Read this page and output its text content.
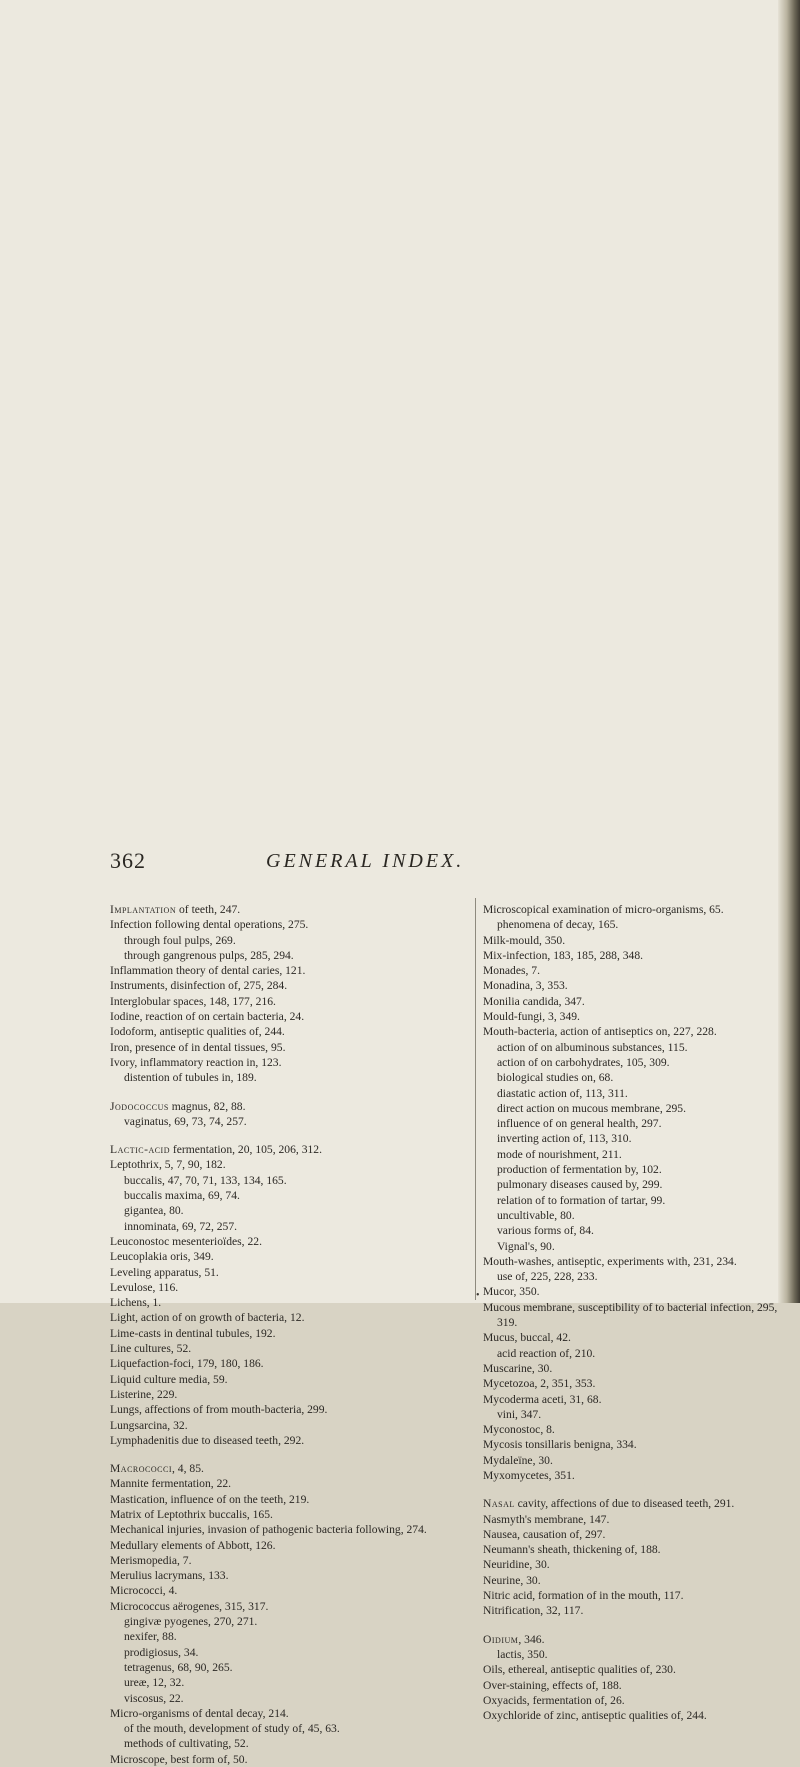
362	GENERAL INDEX.
Implantation of teeth, 247.
Infection following dental operations, 275.
through foul pulps, 269.
through gangrenous pulps, 285, 294.
Inflammation theory of dental caries, 121.
Instruments, disinfection of, 275, 284.
Interglobular spaces, 148, 177, 216.
Iodine, reaction of on certain bacteria, 24.
Iodoform, antiseptic qualities of, 244.
Iron, presence of in dental tissues, 95.
Ivory, inflammatory reaction in, 123.
distention of tubules in, 189.
Jodococcus magnus, 82, 88.
vaginatus, 69, 73, 74, 257.
Lactic-acid fermentation, 20, 105, 206, 312.
Leptothrix, 5, 7, 90, 182.
buccalis, 47, 70, 71, 133, 134, 165.
buccalis maxima, 69, 74.
gigantea, 80.
innominata, 69, 72, 257.
Leuconostoc mesenterioïdes, 22.
Leucoplakia oris, 349.
Leveling apparatus, 51.
Levulose, 116.
Lichens, 1.
Light, action of on growth of bacteria, 12.
Lime-casts in dentinal tubules, 192.
Line cultures, 52.
Liquefaction-foci, 179, 180, 186.
Liquid culture media, 59.
Listerine, 229.
Lungs, affections of from mouth-bacteria, 299.
Lungsarcina, 32.
Lymphadenitis due to diseased teeth, 292.
Macrococci, 4, 85.
Mannite fermentation, 22.
Mastication, influence of on the teeth, 219.
Matrix of Leptothrix buccalis, 165.
Mechanical injuries, invasion of pathogenic bacteria following, 274.
Medullary elements of Abbott, 126.
Merismopedia, 7.
Merulius lacrymans, 133.
Micrococci, 4.
Micrococcus aërogenes, 315, 317.
gingivæ pyogenes, 270, 271.
nexifer, 88.
prodigiosus, 34.
tetragenus, 68, 90, 265.
ureæ, 12, 32.
viscosus, 22.
Micro-organisms of dental decay, 214.
of the mouth, development of study of, 45, 63.
methods of cultivating, 52.
Microscope, best form of, 50.
Microscopical examination of micro-organisms, 65.
phenomena of decay, 165.
Milk-mould, 350.
Mix-infection, 183, 185, 288, 348.
Monades, 7.
Monadina, 3, 353.
Monilia candida, 347.
Mould-fungi, 3, 349.
Mouth-bacteria, action of antiseptics on, 227, 228.
action of on albuminous substances, 115.
action of on carbohydrates, 105, 309.
biological studies on, 68.
diastatic action of, 113, 311.
direct action on mucous membrane, 295.
influence of on general health, 297.
inverting action of, 113, 310.
mode of nourishment, 211.
production of fermentation by, 102.
pulmonary diseases caused by, 299.
relation of to formation of tartar, 99.
uncultivable, 80.
various forms of, 84.
Vignal's, 90.
Mouth-washes, antiseptic, experiments with, 231, 234.
use of, 225, 228, 233.
Mucor, 350.
Mucous membrane, susceptibility of to bacterial infection, 295, 319.
Mucus, buccal, 42.
acid reaction of, 210.
Muscarine, 30.
Mycetozoa, 2, 351, 353.
Mycoderma aceti, 31, 68.
vini, 347.
Myconostoc, 8.
Mycosis tonsillaris benigna, 334.
Mydaleïne, 30.
Myxomycetes, 351.
Nasal cavity, affections of due to diseased teeth, 291.
Nasmyth's membrane, 147.
Nausea, causation of, 297.
Neumann's sheath, thickening of, 188.
Neuridine, 30.
Neurine, 30.
Nitric acid, formation of in the mouth, 117.
Nitrification, 32, 117.
Oidium, 346.
lactis, 350.
Oils, ethereal, antiseptic qualities of, 230.
Over-staining, effects of, 188.
Oxyacids, fermentation of, 26.
Oxychloride of zinc, antiseptic qualities of, 244.
•
